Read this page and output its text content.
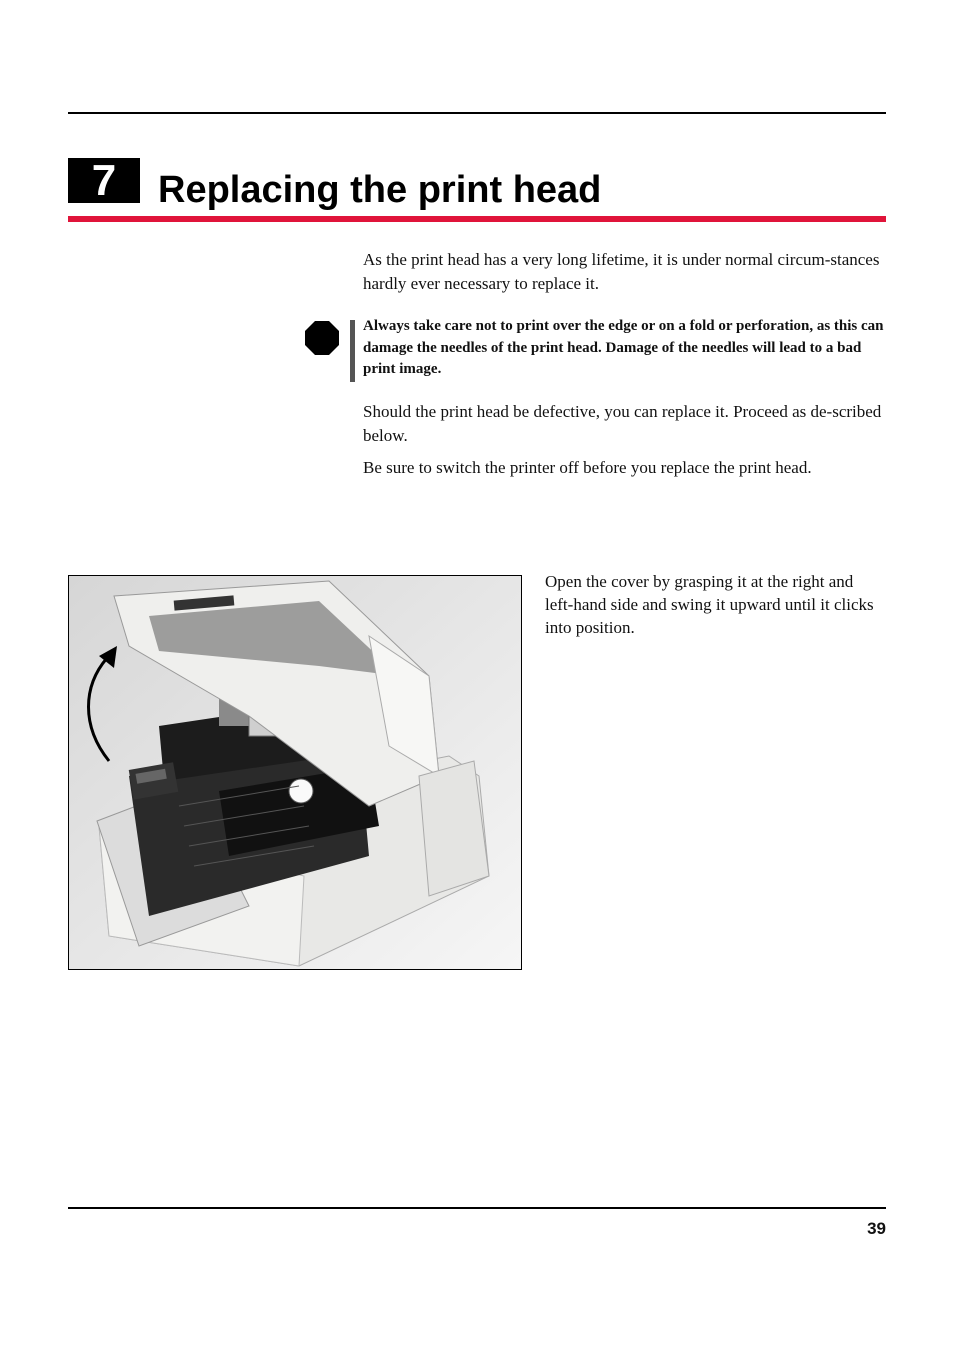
7	Replacing the print head

As the print head has a very long lifetime, it is under normal circum-stances hardly ever necessary to replace it.

Always take care not to print over the edge or on a fold or perforation, as this can damage the needles of the print head. Damage of the needles will lead to a bad print image.

Should the print head be defective, you can replace it. Proceed as de-scribed below.

Be sure to switch the printer off before you replace the print head.

Open the cover by grasping it at the right and left-hand side and swing it upward until it clicks into position.

39
